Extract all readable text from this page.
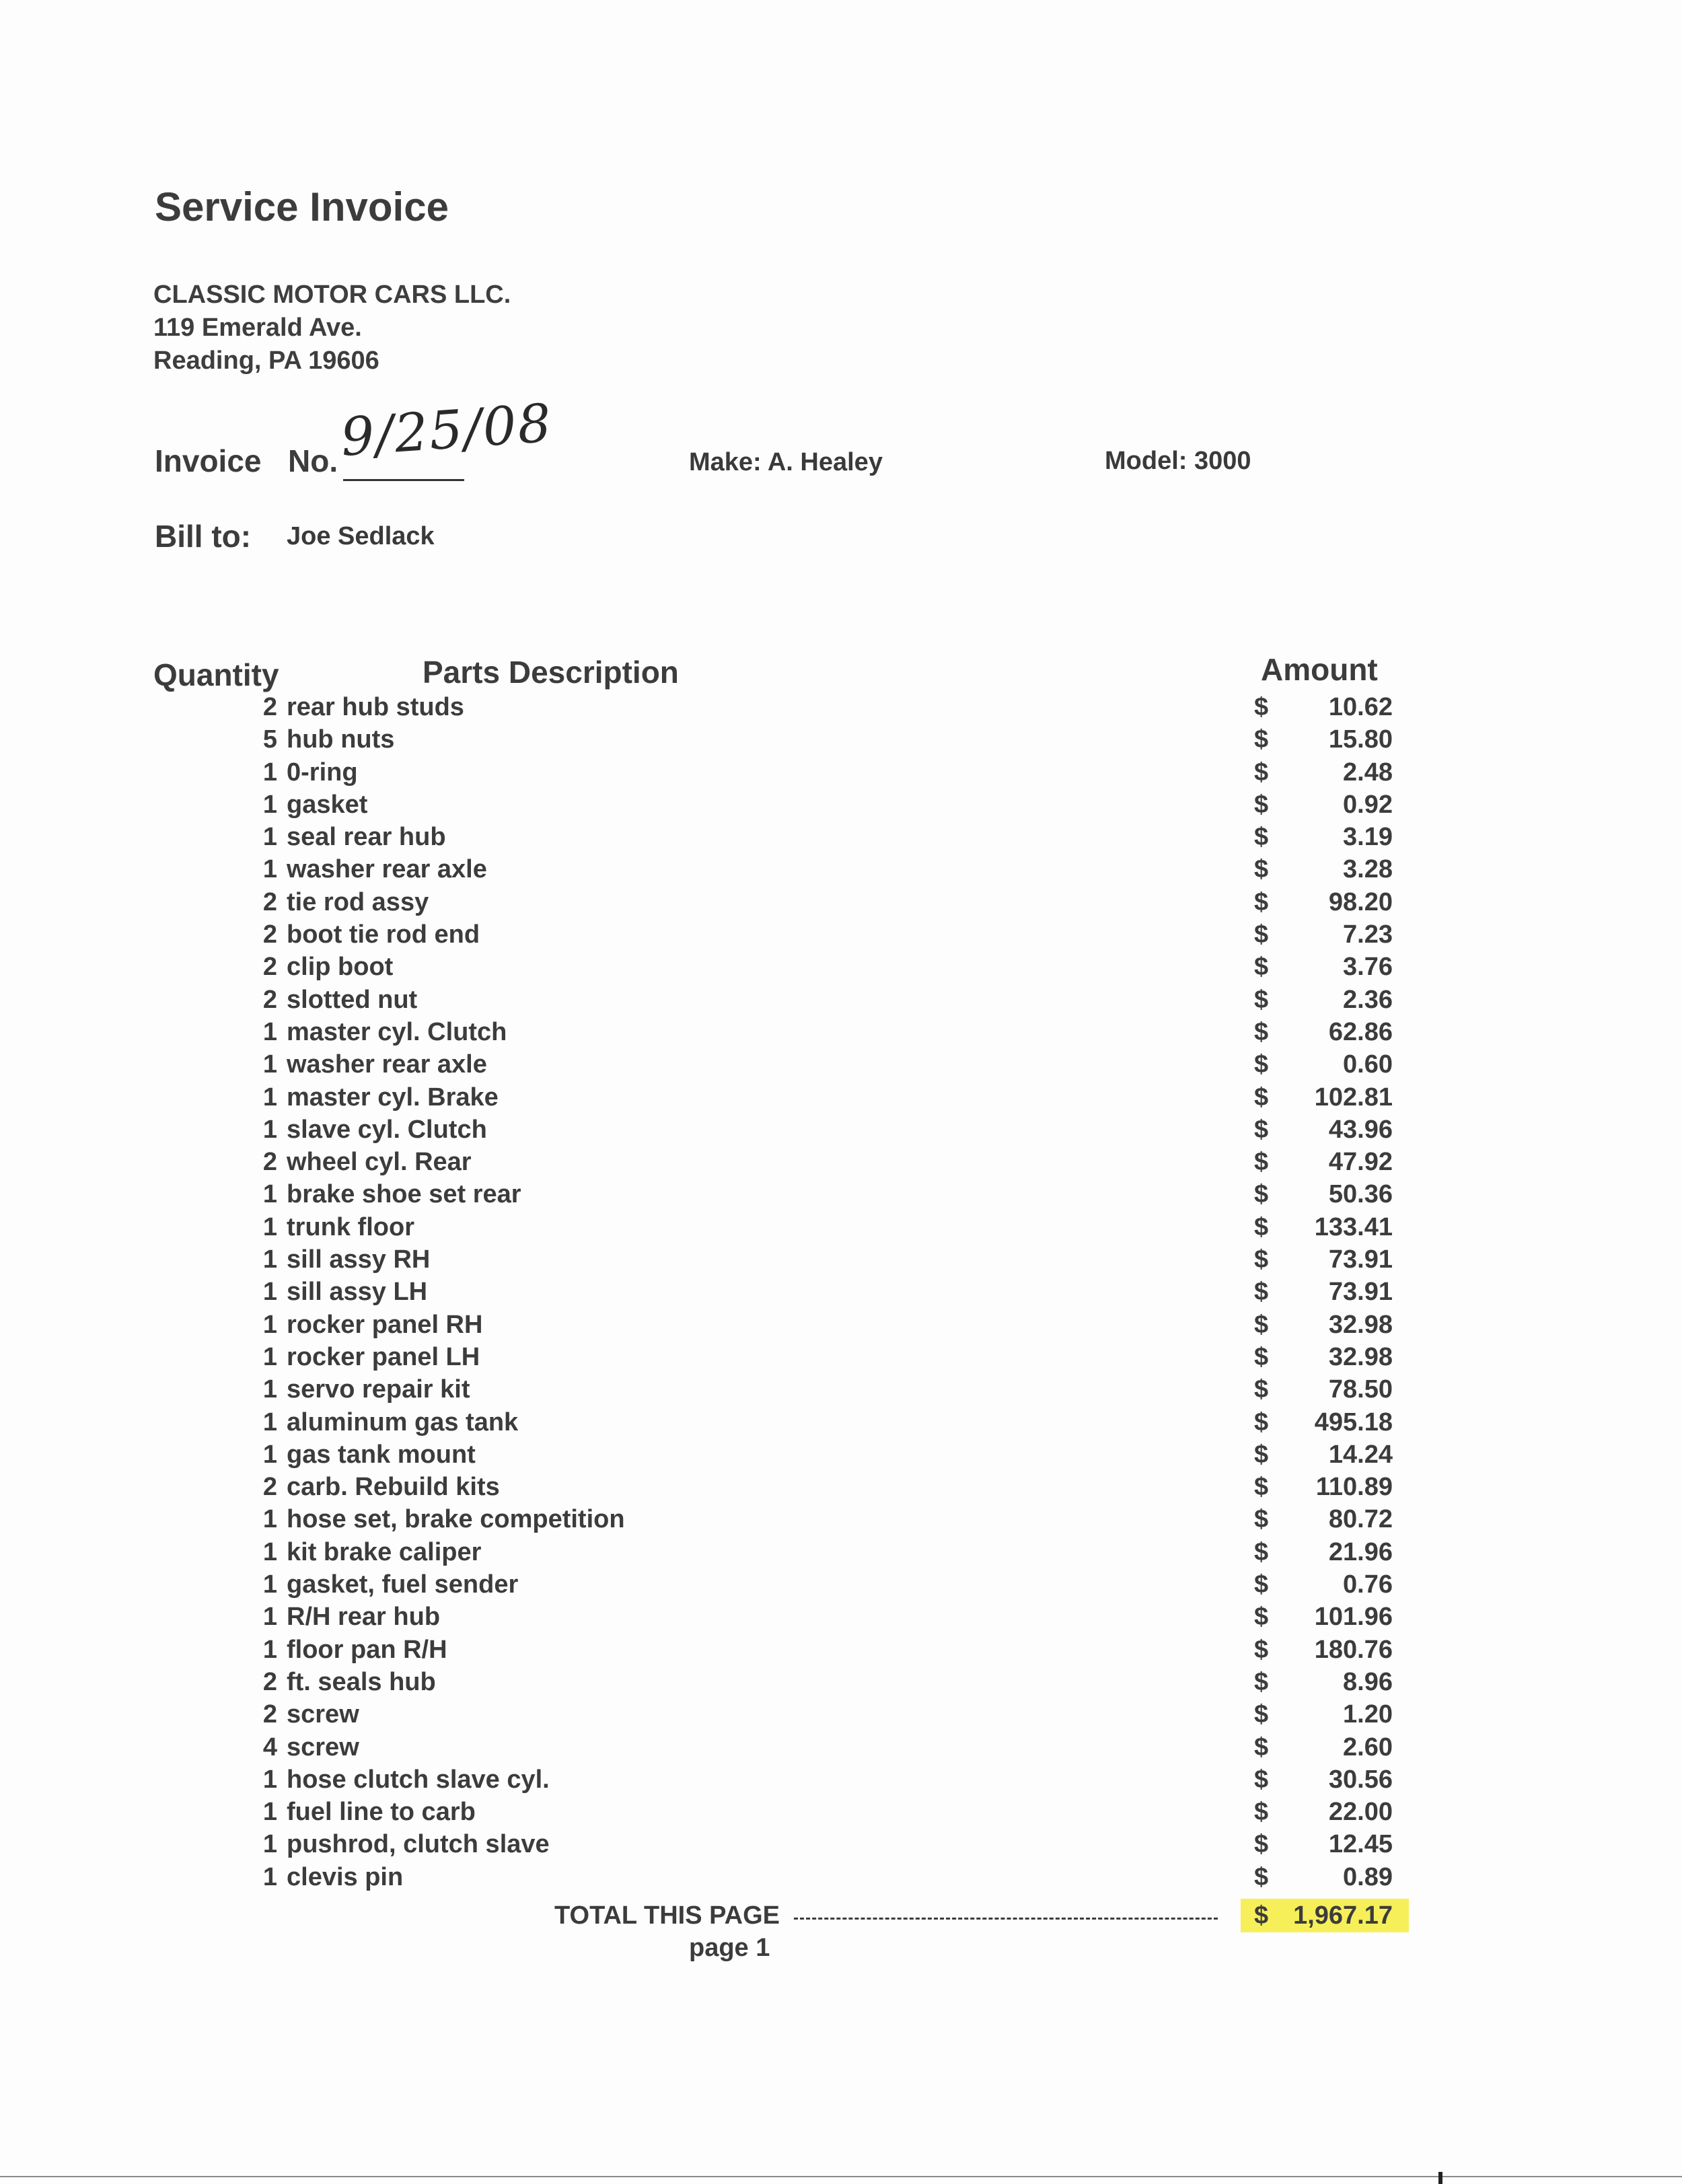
Service Invoice
CLASSIC MOTOR CARS LLC.
119 Emerald Ave.
Reading, PA 19606
Invoice No. 9/25/08	Make: A. Healey	Model: 3000
Bill to: Joe Sedlack
Quantity	Parts Description	Amount
2 rear hub studs	$ 10.62
5 hub nuts	$ 15.80
1 0-ring	$	2.48
1 gasket	$	0.92
1 seal rear hub	$	3.19
1 washer rear axle	$	3.28
2 tie rod assy	$ 98.20
2 boot tie rod end	$	7.23
2 clip boot	$	3.76
2 slotted nut	$	2.36
1 master cyl. Clutch	$ 62.86
1 washer rear axle	$	0.60
1 master cyl. Brake	$ 102.81
1 slave cyl. Clutch	$ 43.96
2 wheel cyl. Rear	$ 47.92
1 brake shoe set rear	$ 50.36
1 trunk floor	$ 133.41
1 sill assy RH	$ 73.91
1 sill assy LH	$ 73.91
1 rocker panel RH	$ 32.98
1 rocker panel LH	$ 32.98
1 servo repair kit	$ 78.50
1 aluminum gas tank	$ 495.18
1 gas tank mount	$ 14.24
2 carb. Rebuild kits	$ 110.89
1 hose set, brake competition	$ 80.72
1 kit brake caliper	$ 21.96
1 gasket, fuel sender	$	0.76
1 R/H rear hub	$ 101.96
1 floor pan R/H	$ 180.76
2 ft. seals hub	$	8.96
2 screw	$	1.20
4 screw	$	2.60
1 hose clutch slave cyl.	$ 30.56
1 fuel line to carb	$ 22.00
1 pushrod, clutch slave	$ 12.45
1 clevis pin	$	0.89
TOTAL THIS PAGE	$ 1,967.17
page 1
